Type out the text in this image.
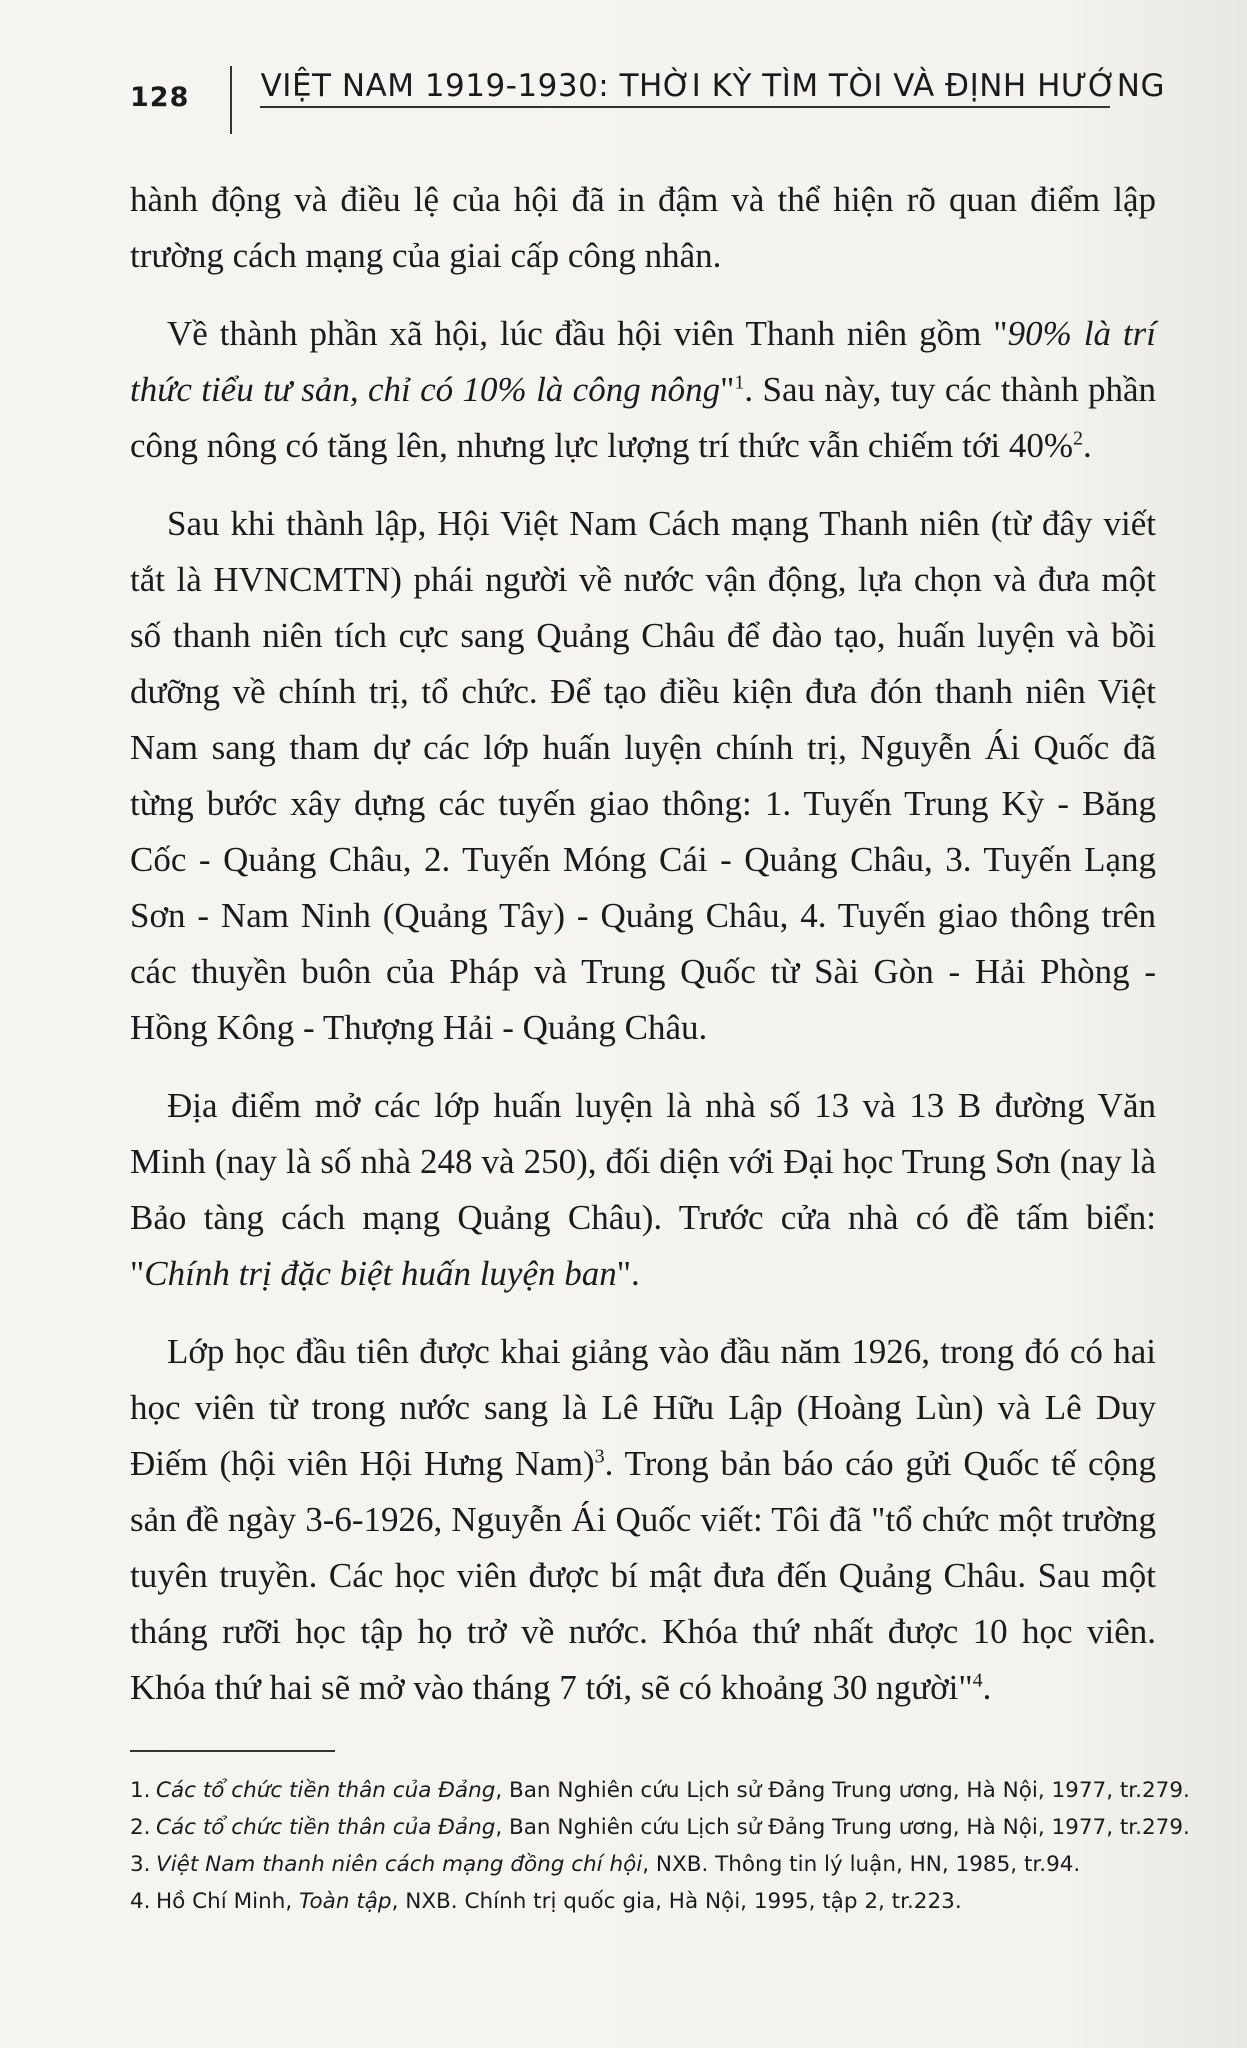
128 VIỆT NAM 1919-1930: THỜI KỲ TÌM TÒI VÀ ĐỊNH HƯỚNG

hành động và điều lệ của hội đã in đậm và thể hiện rõ quan điểm lập trường cách mạng của giai cấp công nhân.

Về thành phần xã hội, lúc đầu hội viên Thanh niên gồm "90% là trí thức tiểu tư sản, chỉ có 10% là công nông"$^1$. Sau này, tuy các thành phần công nông có tăng lên, nhưng lực lượng trí thức vẫn chiếm tới 40%$^2$.

Sau khi thành lập, Hội Việt Nam Cách mạng Thanh niên (từ đây viết tắt là HVNCMTN) phái người về nước vận động, lựa chọn và đưa một số thanh niên tích cực sang Quảng Châu để đào tạo, huấn luyện và bồi dưỡng về chính trị, tổ chức. Để tạo điều kiện đưa đón thanh niên Việt Nam sang tham dự các lớp huấn luyện chính trị, Nguyễn Ái Quốc đã từng bước xây dựng các tuyến giao thông: 1. Tuyến Trung Kỳ - Băng Cốc - Quảng Châu, 2. Tuyến Móng Cái - Quảng Châu, 3. Tuyến Lạng Sơn - Nam Ninh (Quảng Tây) - Quảng Châu, 4. Tuyến giao thông trên các thuyền buôn của Pháp và Trung Quốc từ Sài Gòn - Hải Phòng - Hồng Kông - Thượng Hải - Quảng Châu.

Địa điểm mở các lớp huấn luyện là nhà số 13 và 13 B đường Văn Minh (nay là số nhà 248 và 250), đối diện với Đại học Trung Sơn (nay là Bảo tàng cách mạng Quảng Châu). Trước cửa nhà có đề tấm biển: "Chính trị đặc biệt huấn luyện ban".

Lớp học đầu tiên được khai giảng vào đầu năm 1926, trong đó có hai học viên từ trong nước sang là Lê Hữu Lập (Hoàng Lùn) và Lê Duy Điếm (hội viên Hội Hưng Nam)$^3$. Trong bản báo cáo gửi Quốc tế cộng sản đề ngày 3-6-1926, Nguyễn Ái Quốc viết: Tôi đã "tổ chức một trường tuyên truyền. Các học viên được bí mật đưa đến Quảng Châu. Sau một tháng rưỡi học tập họ trở về nước. Khóa thứ nhất được 10 học viên. Khóa thứ hai sẽ mở vào tháng 7 tới, sẽ có khoảng 30 người"$^4$.

1. Các tổ chức tiền thân của Đảng, Ban Nghiên cứu Lịch sử Đảng Trung ương, Hà Nội, 1977, tr.279.
2. Các tổ chức tiền thân của Đảng, Ban Nghiên cứu Lịch sử Đảng Trung ương, Hà Nội, 1977, tr.279.
3. Việt Nam thanh niên cách mạng đồng chí hội, NXB. Thông tin lý luận, HN, 1985, tr.94.
4. Hồ Chí Minh, Toàn tập, NXB. Chính trị quốc gia, Hà Nội, 1995, tập 2, tr.223.
